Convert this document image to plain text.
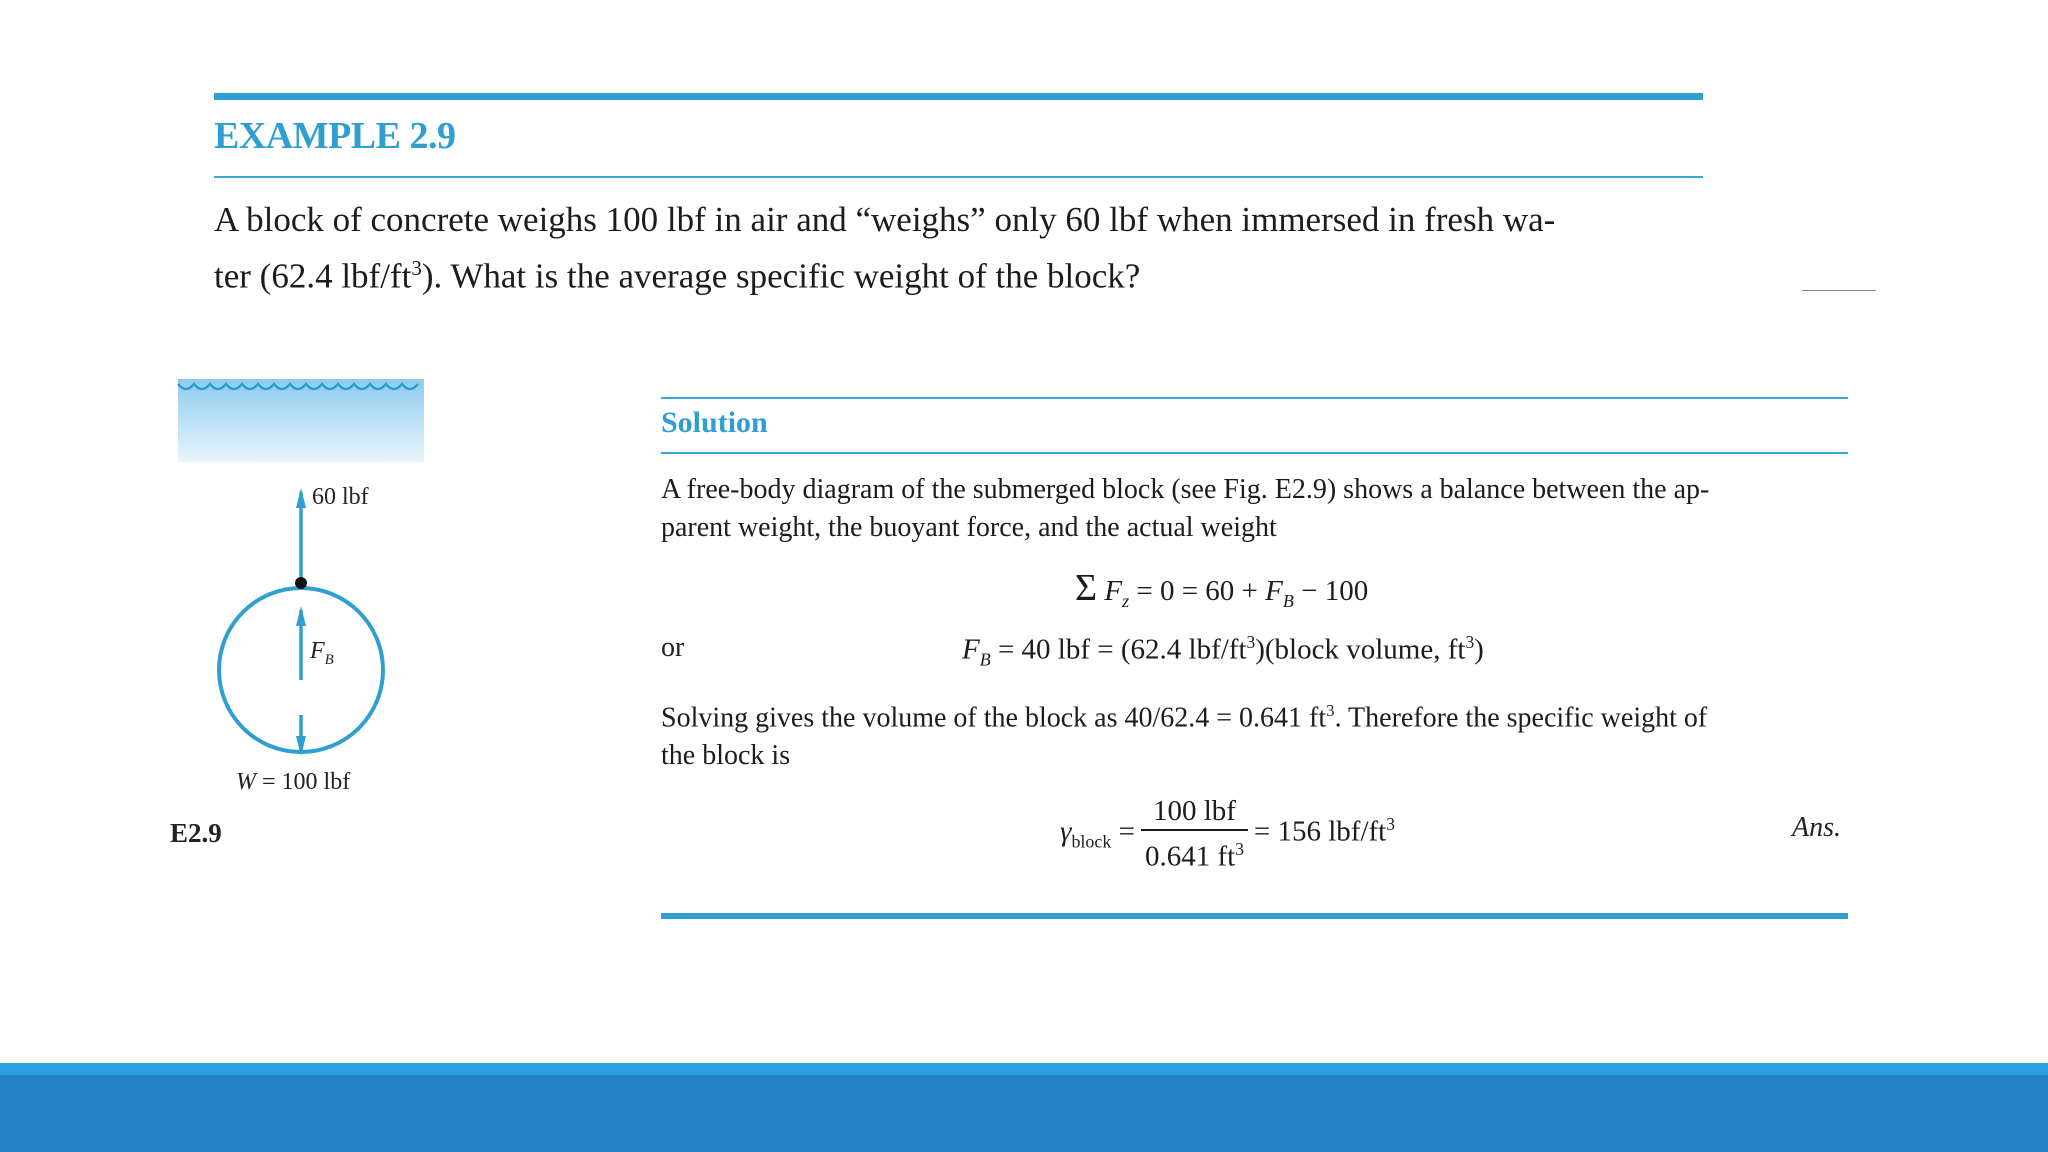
EXAMPLE 2.9
A block of concrete weighs 100 lbf in air and “weighs” only 60 lbf when immersed in fresh wa-
ter (62.4 lbf/$ft^3$). What is the average specific weight of the block?
60 lbf
$F_B$
W = 100 lbf
E2.9
Solution
A free-body diagram of the submerged block (see Fig. E2.9) shows a balance between the ap-
parent weight, the buoyant force, and the actual weight
Σ $F_z = 0 = 60 + F_B - 100$
or	$F_B = 40$ lbf = (62.4 lbf/$ft^3)(block$ volume, $ft^3$)
Solving gives the volume of the block as 40/62.4 = 0.641 $ft^3$. Therefore the specific weight of
the block is
$\gamma_{block} = \frac{\text{100 lbf}}{0.641 ft^3} = 156$ lbf/$ft^3$	Ans.
